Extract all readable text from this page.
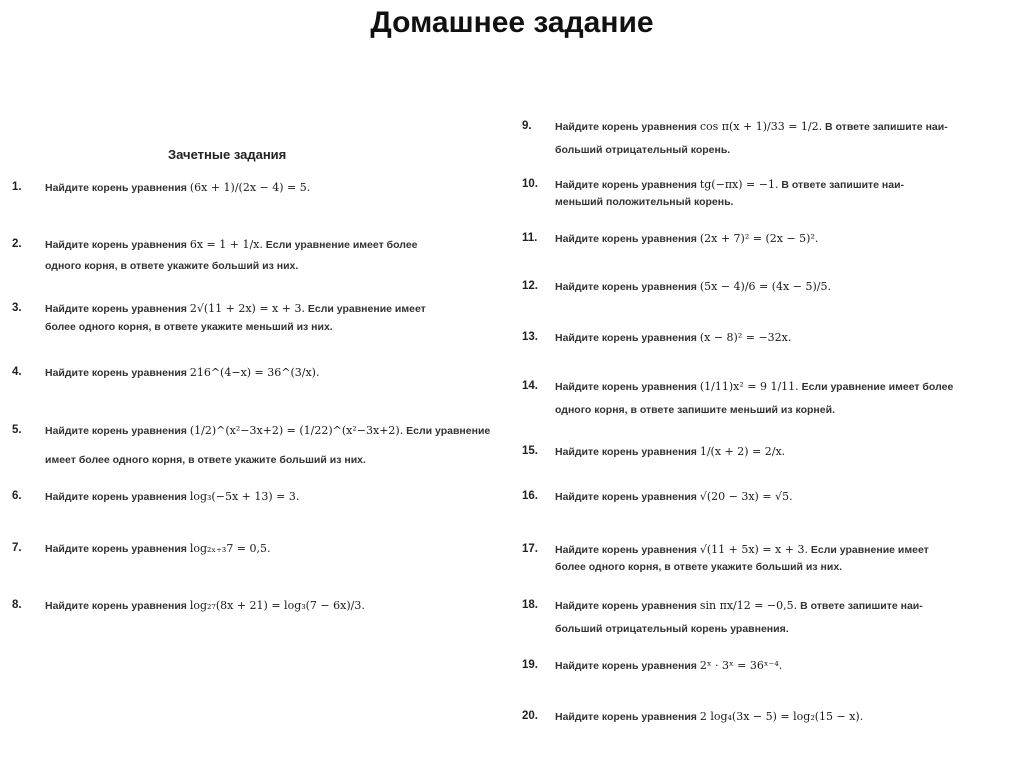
Домашнее задание
Зачетные задания
1. Найдите корень уравнения (6x + 1)/(2x − 4) = 5.
2. Найдите корень уравнения 6x = 1 + 1/x. Если уравнение имеет более
одного корня, в ответе укажите больший из них.
3. Найдите корень уравнения 2√(11 + 2x) = x + 3. Если уравнение имеет
более одного корня, в ответе укажите меньший из них.
4. Найдите корень уравнения 216^(4−x) = 36^(3/x).
5. Найдите корень уравнения (1/2)^(x²−3x+2) = (1/22)^(x²−3x+2). Если уравнение
имеет более одного корня, в ответе укажите больший из них.
6. Найдите корень уравнения log₃(−5x + 13) = 3.
7. Найдите корень уравнения log₂ₓ₊₃7 = 0,5.
8. Найдите корень уравнения log₂₇(8x + 21) = log₃(7 − 6x)/3.
9. Найдите корень уравнения cos π(x + 1)/33 = 1/2. В ответе запишите наи-
больший отрицательный корень.
10. Найдите корень уравнения tg(−πx) = −1. В ответе запишите наи-
меньший положительный корень.
11. Найдите корень уравнения (2x + 7)² = (2x − 5)².
12. Найдите корень уравнения (5x − 4)/6 = (4x − 5)/5.
13. Найдите корень уравнения (x − 8)² = −32x.
14. Найдите корень уравнения (1/11)x² = 9 1/11. Если уравнение имеет более
одного корня, в ответе запишите меньший из корней.
15. Найдите корень уравнения 1/(x + 2) = 2/x.
16. Найдите корень уравнения √(20 − 3x) = √5.
17. Найдите корень уравнения √(11 + 5x) = x + 3. Если уравнение имеет
более одного корня, в ответе укажите больший из них.
18. Найдите корень уравнения sin πx/12 = −0,5. В ответе запишите наи-
больший отрицательный корень уравнения.
19. Найдите корень уравнения 2ˣ · 3ˣ = 36ˣ⁻⁴.
20. Найдите корень уравнения 2 log₄(3x − 5) = log₂(15 − x).
